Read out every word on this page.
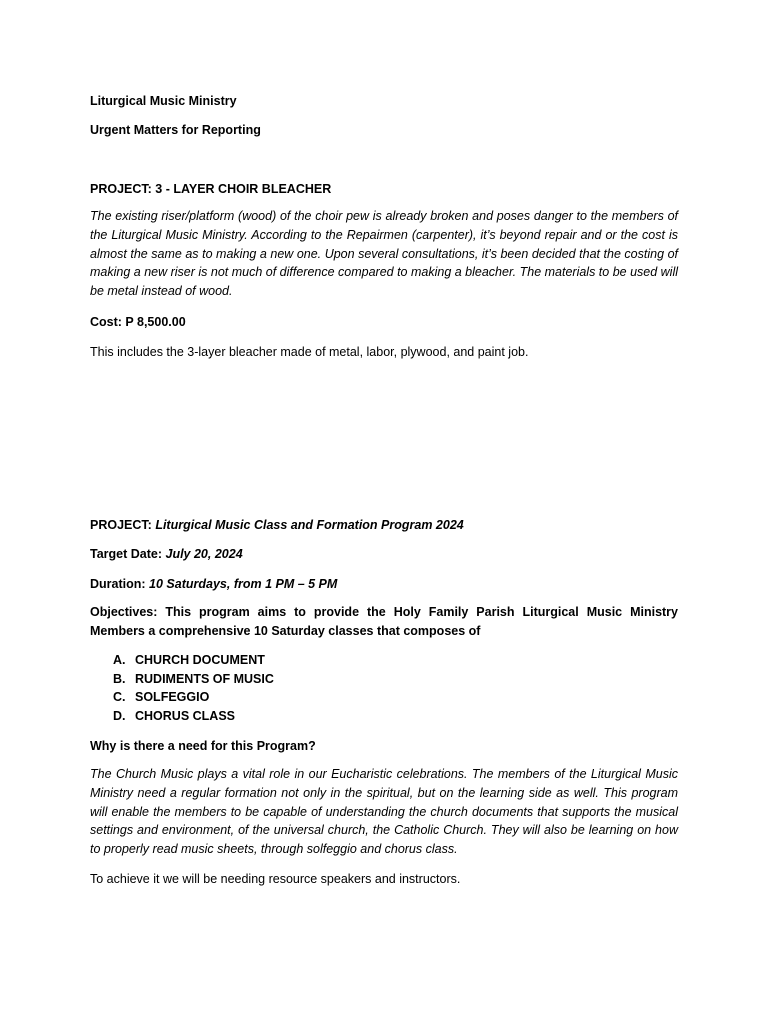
Liturgical Music Ministry

Urgent Matters for Reporting

PROJECT: 3 - LAYER CHOIR BLEACHER

The existing riser/platform (wood) of the choir pew is already broken and poses danger to the members of the Liturgical Music Ministry. According to the Repairmen (carpenter), it’s beyond repair and or the cost is almost the same as to making a new one. Upon several consultations, it’s been decided that the costing of making a new riser is not much of difference compared to making a bleacher. The materials to be used will be metal instead of wood.

Cost: P 8,500.00

This includes the 3-layer bleacher made of metal, labor, plywood, and paint job.

PROJECT: Liturgical Music Class and Formation Program 2024

Target Date: July 20, 2024

Duration: 10 Saturdays, from 1 PM – 5 PM

Objectives: This program aims to provide the Holy Family Parish Liturgical Music Ministry Members a comprehensive 10 Saturday classes that composes of

A. CHURCH DOCUMENT
B. RUDIMENTS OF MUSIC
C. SOLFEGGIO
D. CHORUS CLASS

Why is there a need for this Program?

The Church Music plays a vital role in our Eucharistic celebrations. The members of the Liturgical Music Ministry need a regular formation not only in the spiritual, but on the learning side as well. This program will enable the members to be capable of understanding the church documents that supports the musical settings and environment, of the universal church, the Catholic Church. They will also be learning on how to properly read music sheets, through solfeggio and chorus class.

To achieve it we will be needing resource speakers and instructors.
